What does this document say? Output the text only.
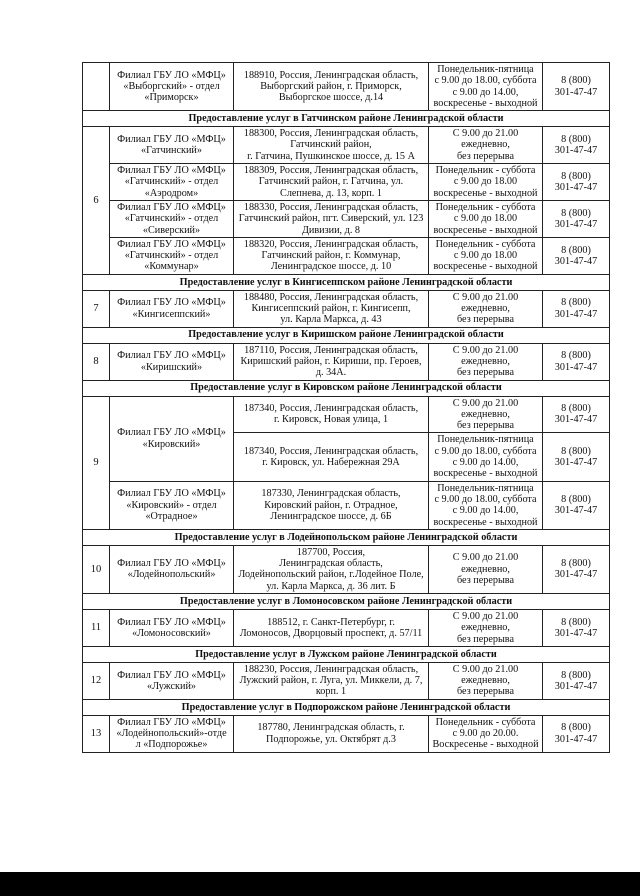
	Филиал ГБУ ЛО «МФЦ»
«Выборгский» - отдел
«Приморск»	188910, Россия, Ленинградская область,
Выборгский район, г. Приморск,
Выборгское шоссе, д.14	Понедельник-пятница
с 9.00 до 18.00, суббота
с 9.00 до 14.00,
воскресенье - выходной	8 (800)
301-47-47
Предоставление услуг в Гатчинском районе Ленинградской области				
6	Филиал ГБУ ЛО «МФЦ»
«Гатчинский»	188300, Россия, Ленинградская область,
Гатчинский район,
г. Гатчина, Пушкинское шоссе, д. 15 А	С 9.00 до 21.00
ежедневно,
без перерыва	8 (800)
301-47-47
	Филиал ГБУ ЛО «МФЦ»
«Гатчинский» - отдел
«Аэродром»	188309, Россия, Ленинградская область,
Гатчинский район, г. Гатчина, ул.
Слепнева, д. 13, корп. 1	Понедельник - суббота
с 9.00 до 18.00
воскресенье - выходной	8 (800)
301-47-47
	Филиал ГБУ ЛО «МФЦ»
«Гатчинский» - отдел
«Сиверский»	188330, Россия, Ленинградская область,
Гатчинский район, пгт. Сиверский, ул. 123
Дивизии, д. 8	Понедельник - суббота
с 9.00 до 18.00
воскресенье - выходной	8 (800)
301-47-47
	Филиал ГБУ ЛО «МФЦ»
«Гатчинский» - отдел
«Коммунар»	188320, Россия, Ленинградская область,
Гатчинский район, г. Коммунар,
Ленинградское шоссе, д. 10	Понедельник - суббота
с 9.00 до 18.00
воскресенье - выходной	8 (800)
301-47-47
Предоставление услуг в Кингисеппском районе Ленинградской области				
7	Филиал ГБУ ЛО «МФЦ»
«Кингисеппский»	188480, Россия, Ленинградская область,
Кингисеппский район, г. Кингисепп,
ул. Карла Маркса, д. 43	С 9.00 до 21.00
ежедневно,
без перерыва	8 (800)
301-47-47
Предоставление услуг в Киришском районе Ленинградской области				
8	Филиал ГБУ ЛО «МФЦ»
«Киришский»	187110, Россия, Ленинградская область,
Киришский район, г. Кириши, пр. Героев,
д. 34А.	С 9.00 до 21.00
ежедневно,
без перерыва	8 (800)
301-47-47
Предоставление услуг в Кировском районе Ленинградской области				
9	Филиал ГБУ ЛО «МФЦ»
«Кировский»	187340, Россия, Ленинградская область,
г. Кировск, Новая улица, 1	С 9.00 до 21.00
ежедневно,
без перерыва	8 (800)
301-47-47
		187340, Россия, Ленинградская область,
г. Кировск, ул. Набережная 29А	Понедельник-пятница
с 9.00 до 18.00, суббота
с 9.00 до 14.00,
воскресенье - выходной	8 (800)
301-47-47
	Филиал ГБУ ЛО «МФЦ»
«Кировский» - отдел
«Отрадное»	187330, Ленинградская область,
Кировский район, г. Отрадное,
Ленинградское шоссе, д. 6Б	Понедельник-пятница
с 9.00 до 18.00, суббота
с 9.00 до 14.00,
воскресенье - выходной	8 (800)
301-47-47
Предоставление услуг в Лодейнопольском районе Ленинградской области				
10	Филиал ГБУ ЛО «МФЦ»
«Лодейнопольский»	187700, Россия,
Ленинградская область,
Лодейнопольский район, г.Лодейное Поле,
ул. Карла Маркса, д. 36 лит. Б	С 9.00 до 21.00
ежедневно,
без перерыва	8 (800)
301-47-47
Предоставление услуг в Ломоносовском районе Ленинградской области				
11	Филиал ГБУ ЛО «МФЦ»
«Ломоносовский»	188512, г. Санкт-Петербург, г.
Ломоносов, Дворцовый проспект, д. 57/11	С 9.00 до 21.00
ежедневно,
без перерыва	8 (800)
301-47-47
Предоставление услуг в Лужском районе Ленинградской области				
12	Филиал ГБУ ЛО «МФЦ»
«Лужский»	188230, Россия, Ленинградская область,
Лужский район, г. Луга, ул. Миккели, д. 7,
корп. 1	С 9.00 до 21.00
ежедневно,
без перерыва	8 (800)
301-47-47
Предоставление услуг в Подпорожском районе Ленинградской области				
13	Филиал ГБУ ЛО «МФЦ»
«Лодейнопольский»-отде
л «Подпорожье»	187780, Ленинградская область, г.
Подпорожье, ул. Октябрят д.3	Понедельник - суббота
с 9.00 до 20.00.
Воскресенье - выходной	8 (800)
301-47-47
